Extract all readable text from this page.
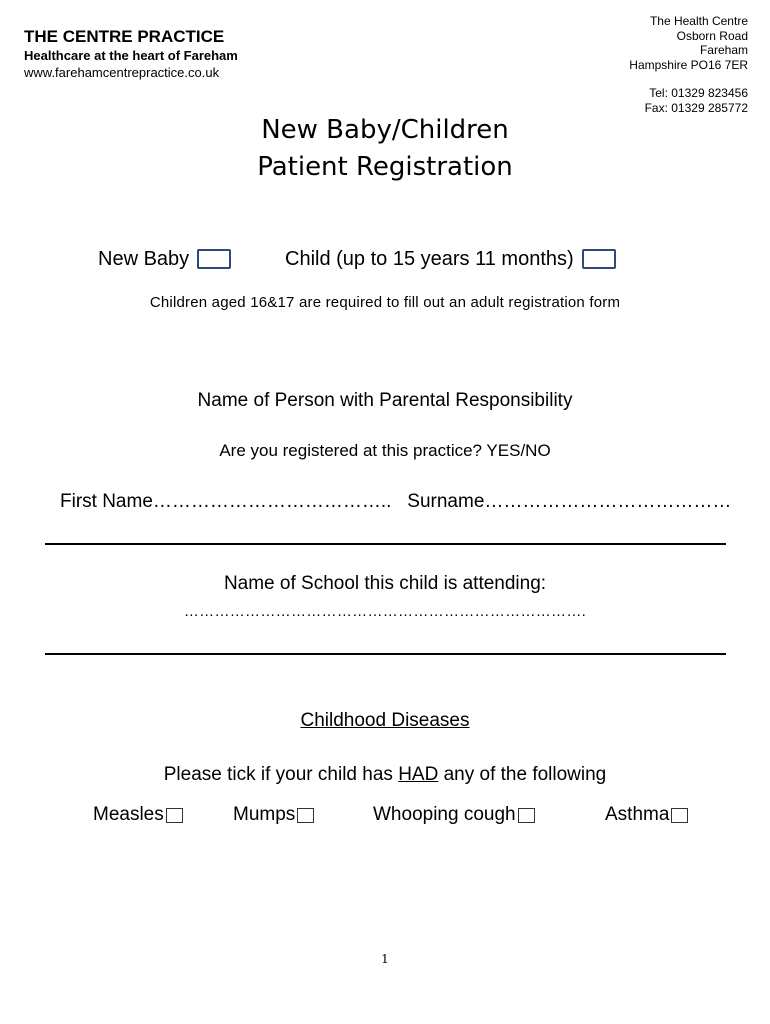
THE CENTRE PRACTICE
Healthcare at the heart of Fareham
www.farehamcentrepractice.co.uk
The Health Centre
Osborn Road
Fareham
Hampshire PO16 7ER
Tel: 01329 823456
Fax: 01329 285772
New Baby/Children
Patient Registration
New Baby	Child (up to 15 years 11 months)
Children aged 16&17 are required to fill out an adult registration form
Name of Person with Parental Responsibility
Are you registered at this practice? YES/NO
First Name……………………………….. Surname…………………………………
Name of School this child is attending:
…………………………………………………………………….
Childhood Diseases
Please tick if your child has HAD any of the following
Measles	Mumps	Whooping cough	Asthma
1
